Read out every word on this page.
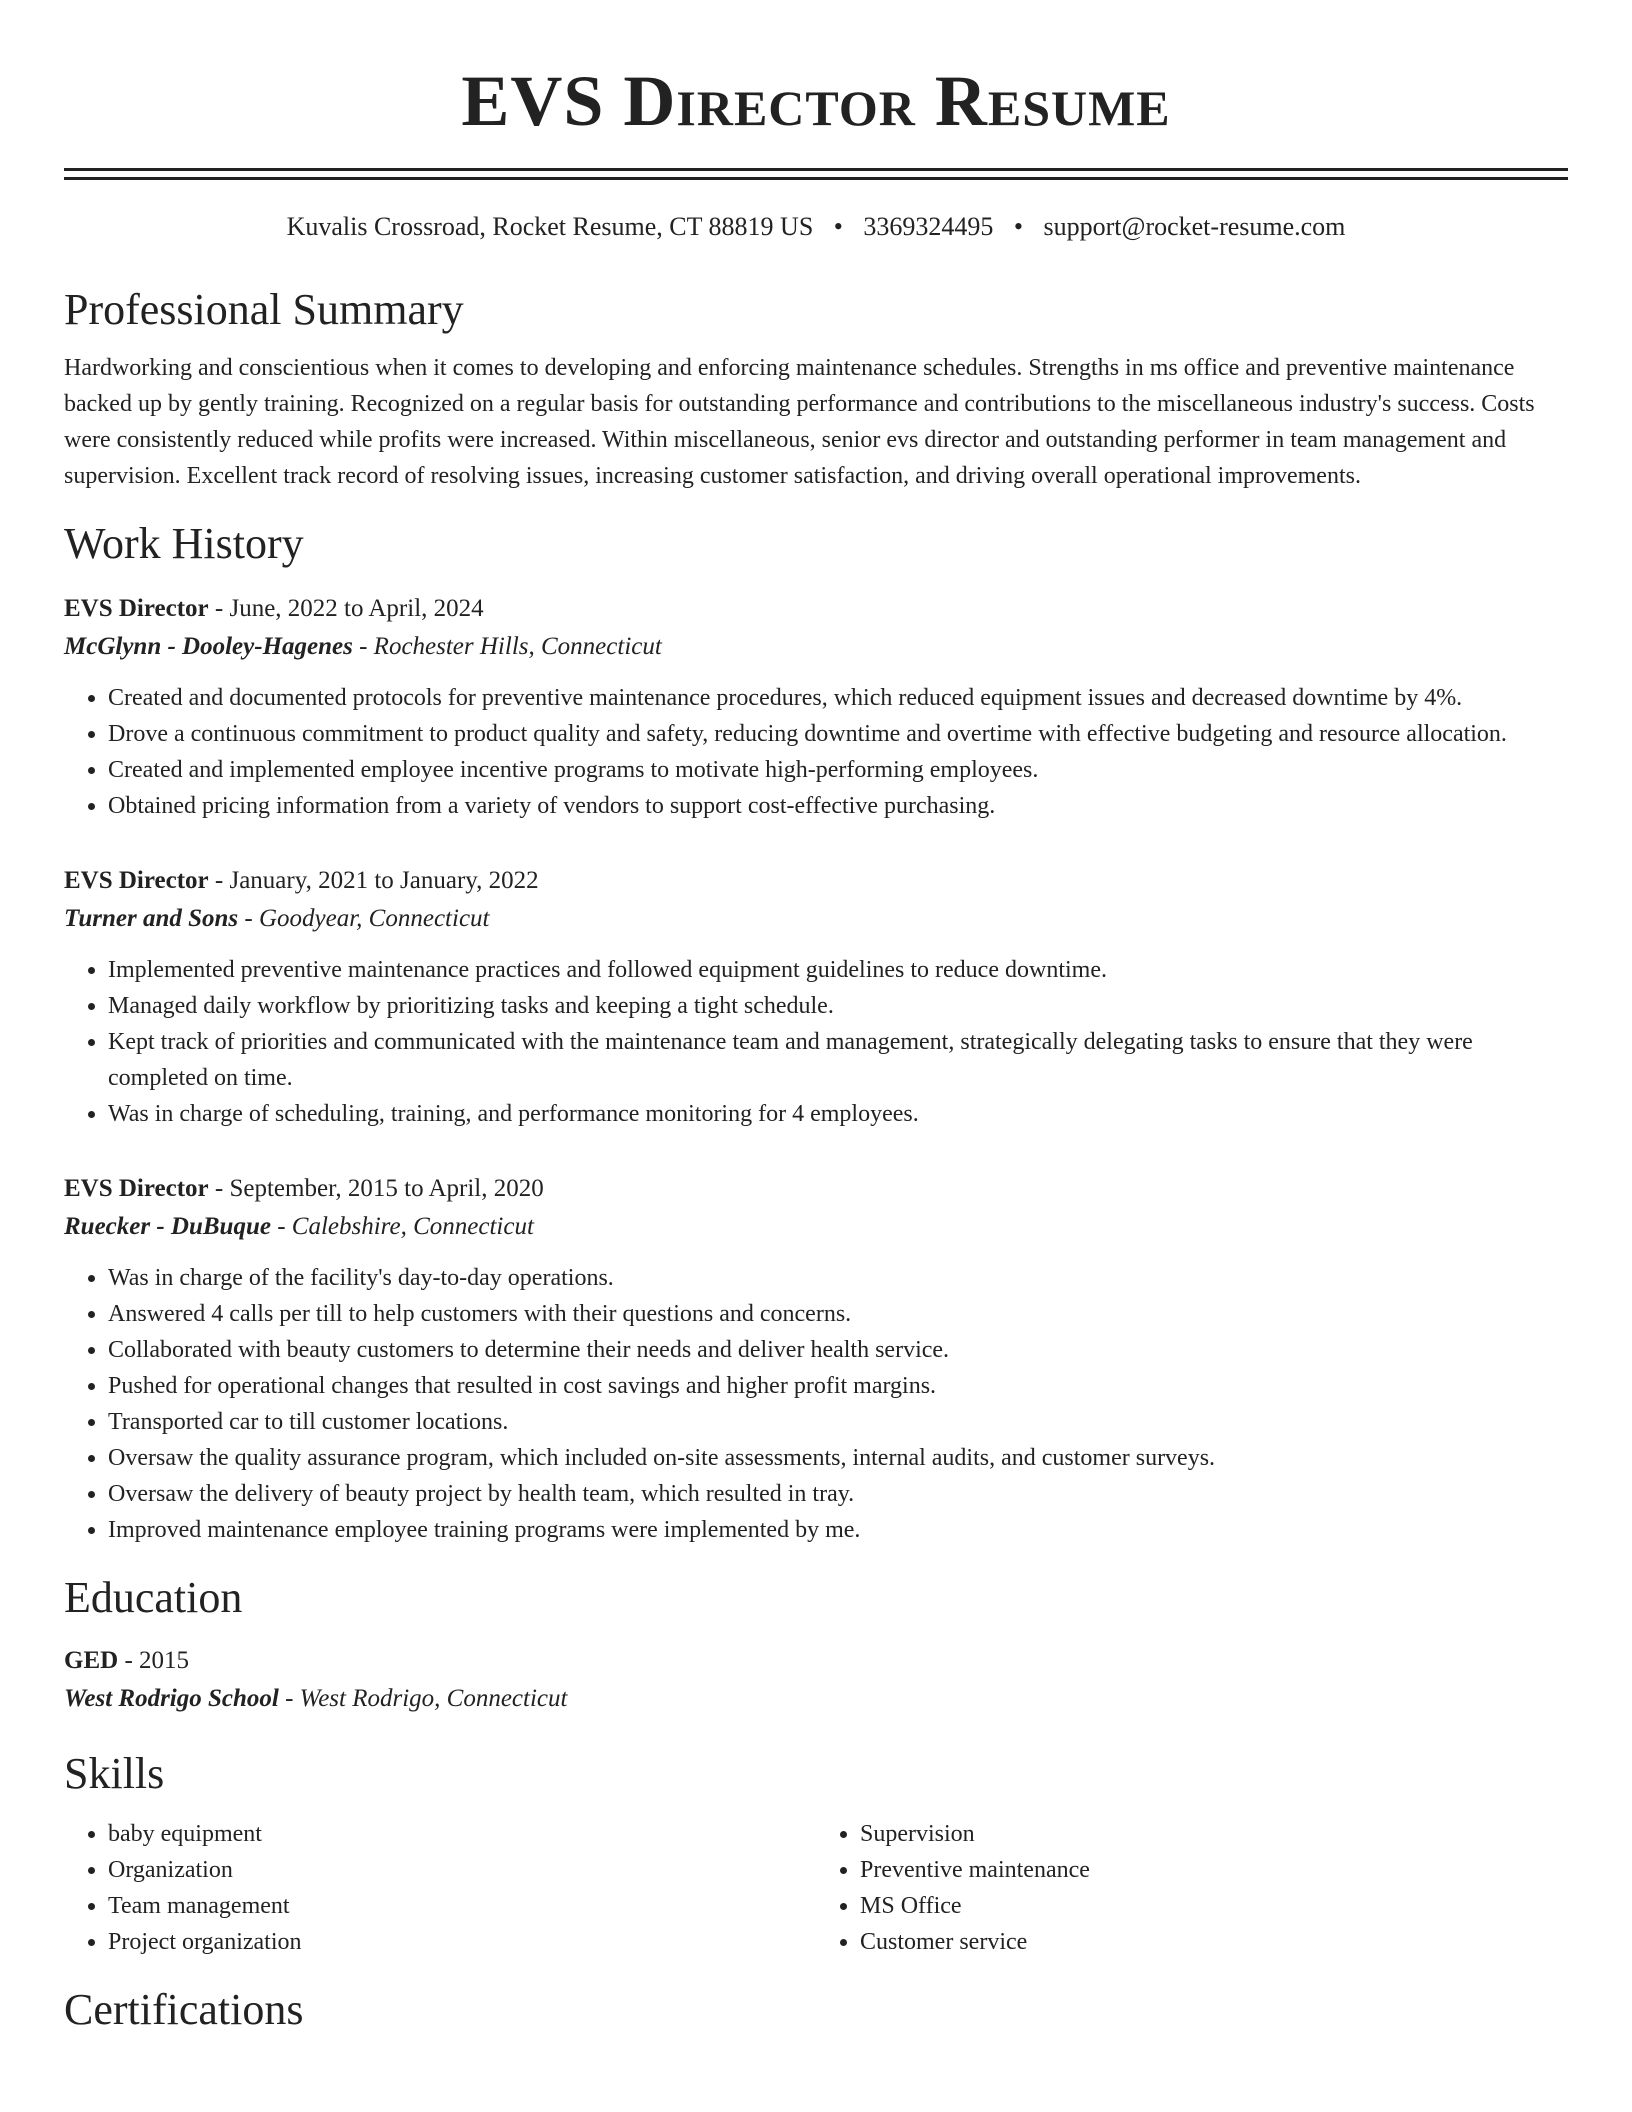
EVS Director Resume
Kuvalis Crossroad, Rocket Resume, CT 88819 US • 3369324495 • support@rocket-resume.com
Professional Summary

Hardworking and conscientious when it comes to developing and enforcing maintenance schedules. Strengths in ms office and preventive maintenance backed up by gently training. Recognized on a regular basis for outstanding performance and contributions to the miscellaneous industry's success. Costs were consistently reduced while profits were increased. Within miscellaneous, senior evs director and outstanding performer in team management and supervision. Excellent track record of resolving issues, increasing customer satisfaction, and driving overall operational improvements.

Work History
EVS Director - June, 2022 to April, 2024
McGlynn - Dooley-Hagenes - Rochester Hills, Connecticut
• Created and documented protocols for preventive maintenance procedures, which reduced equipment issues and decreased downtime by 4%.
• Drove a continuous commitment to product quality and safety, reducing downtime and overtime with effective budgeting and resource allocation.
• Created and implemented employee incentive programs to motivate high-performing employees.
• Obtained pricing information from a variety of vendors to support cost-effective purchasing.
EVS Director - January, 2021 to January, 2022
Turner and Sons - Goodyear, Connecticut
• Implemented preventive maintenance practices and followed equipment guidelines to reduce downtime.
• Managed daily workflow by prioritizing tasks and keeping a tight schedule.
• Kept track of priorities and communicated with the maintenance team and management, strategically delegating tasks to ensure that they were completed on time.
• Was in charge of scheduling, training, and performance monitoring for 4 employees.
EVS Director - September, 2015 to April, 2020
Ruecker - DuBuque - Calebshire, Connecticut
• Was in charge of the facility's day-to-day operations.
• Answered 4 calls per till to help customers with their questions and concerns.
• Collaborated with beauty customers to determine their needs and deliver health service.
• Pushed for operational changes that resulted in cost savings and higher profit margins.
• Transported car to till customer locations.
• Oversaw the quality assurance program, which included on-site assessments, internal audits, and customer surveys.
• Oversaw the delivery of beauty project by health team, which resulted in tray.
• Improved maintenance employee training programs were implemented by me.
Education
GED - 2015
West Rodrigo School - West Rodrigo, Connecticut
Skills
• baby equipment
• Organization
• Team management
• Project organization
• Supervision
• Preventive maintenance
• MS Office
• Customer service
Certifications
